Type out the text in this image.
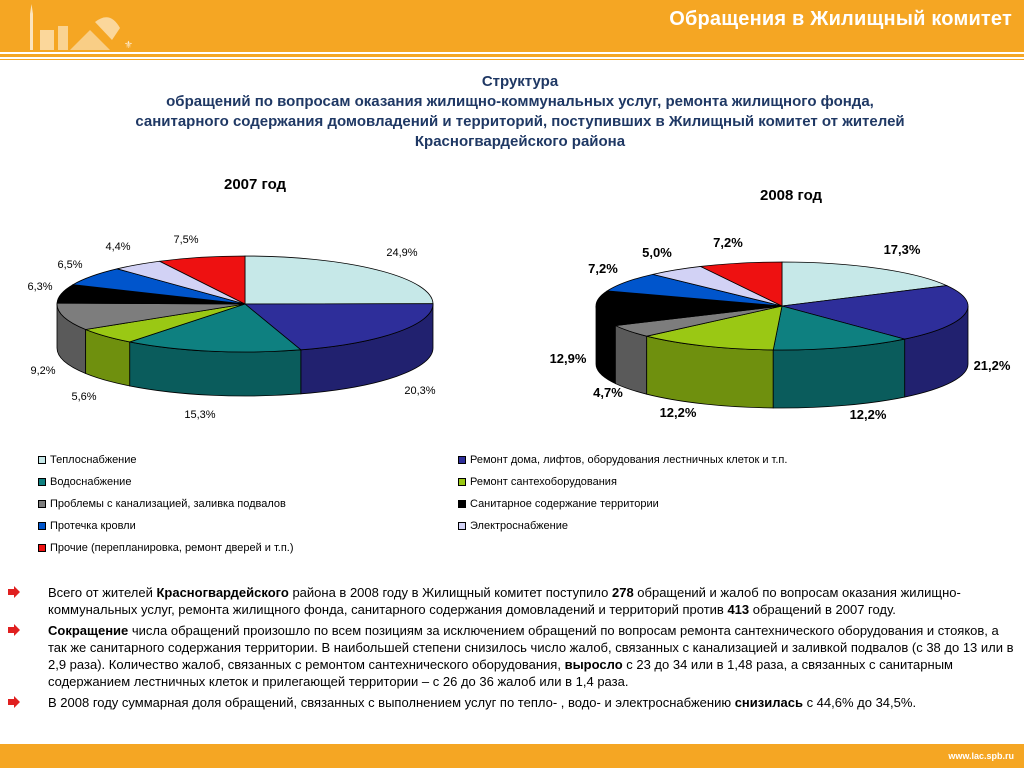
⚜
Обращения в Жилищный комитет
Структура
обращений по вопросам оказания жилищно-коммунальных услуг, ремонта жилищного фонда,
санитарного содержания домовладений и территорий, поступивших в Жилищный комитет от жителей
Красногвардейского района
2007 год
2008 год
24,9%
20,3%
15,3%
5,6%
9,2%
6,3%
6,5%
4,4%
7,5%
17,3%
21,2%
12,2%
12,2%
4,7%
12,9%
7,2%
5,0%
7,2%
Теплоснабжение	Ремонт дома, лифтов, оборудования лестничных клеток и т.п.
Водоснабжение	Ремонт сантехоборудования
Проблемы с канализацией, заливка подвалов	Санитарное содержание территории
Протечка кровли	Электроснабжение
Прочие (перепланировка, ремонт дверей и т.п.)
Всего от жителей Красногвардейского района в 2008 году в Жилищный комитет поступило 278 обращений и жалоб по вопросам оказания жилищно-коммунальных услуг, ремонта жилищного фонда, санитарного содержания домовладений и территорий против 413 обращений в 2007 году.
Сокращение числа обращений произошло по всем позициям за исключением обращений по вопросам ремонта сантехнического оборудования и стояков, а так же санитарного содержания территории. В наибольшей степени снизилось число жалоб, связанных с канализацией и заливкой подвалов (с 38 до 13 или в 2,9 раза). Количество жалоб, связанных с ремонтом сантехнического оборудования, выросло с 23 до 34 или в 1,48 раза, а связанных с санитарным содержанием лестничных клеток и прилегающей территории – с 26 до 36 жалоб или в 1,4 раза.
В 2008 году суммарная доля обращений, связанных с выполнением услуг по тепло- , водо- и электроснабжению снизилась с 44,6% до 34,5%.
www.lac.spb.ru
